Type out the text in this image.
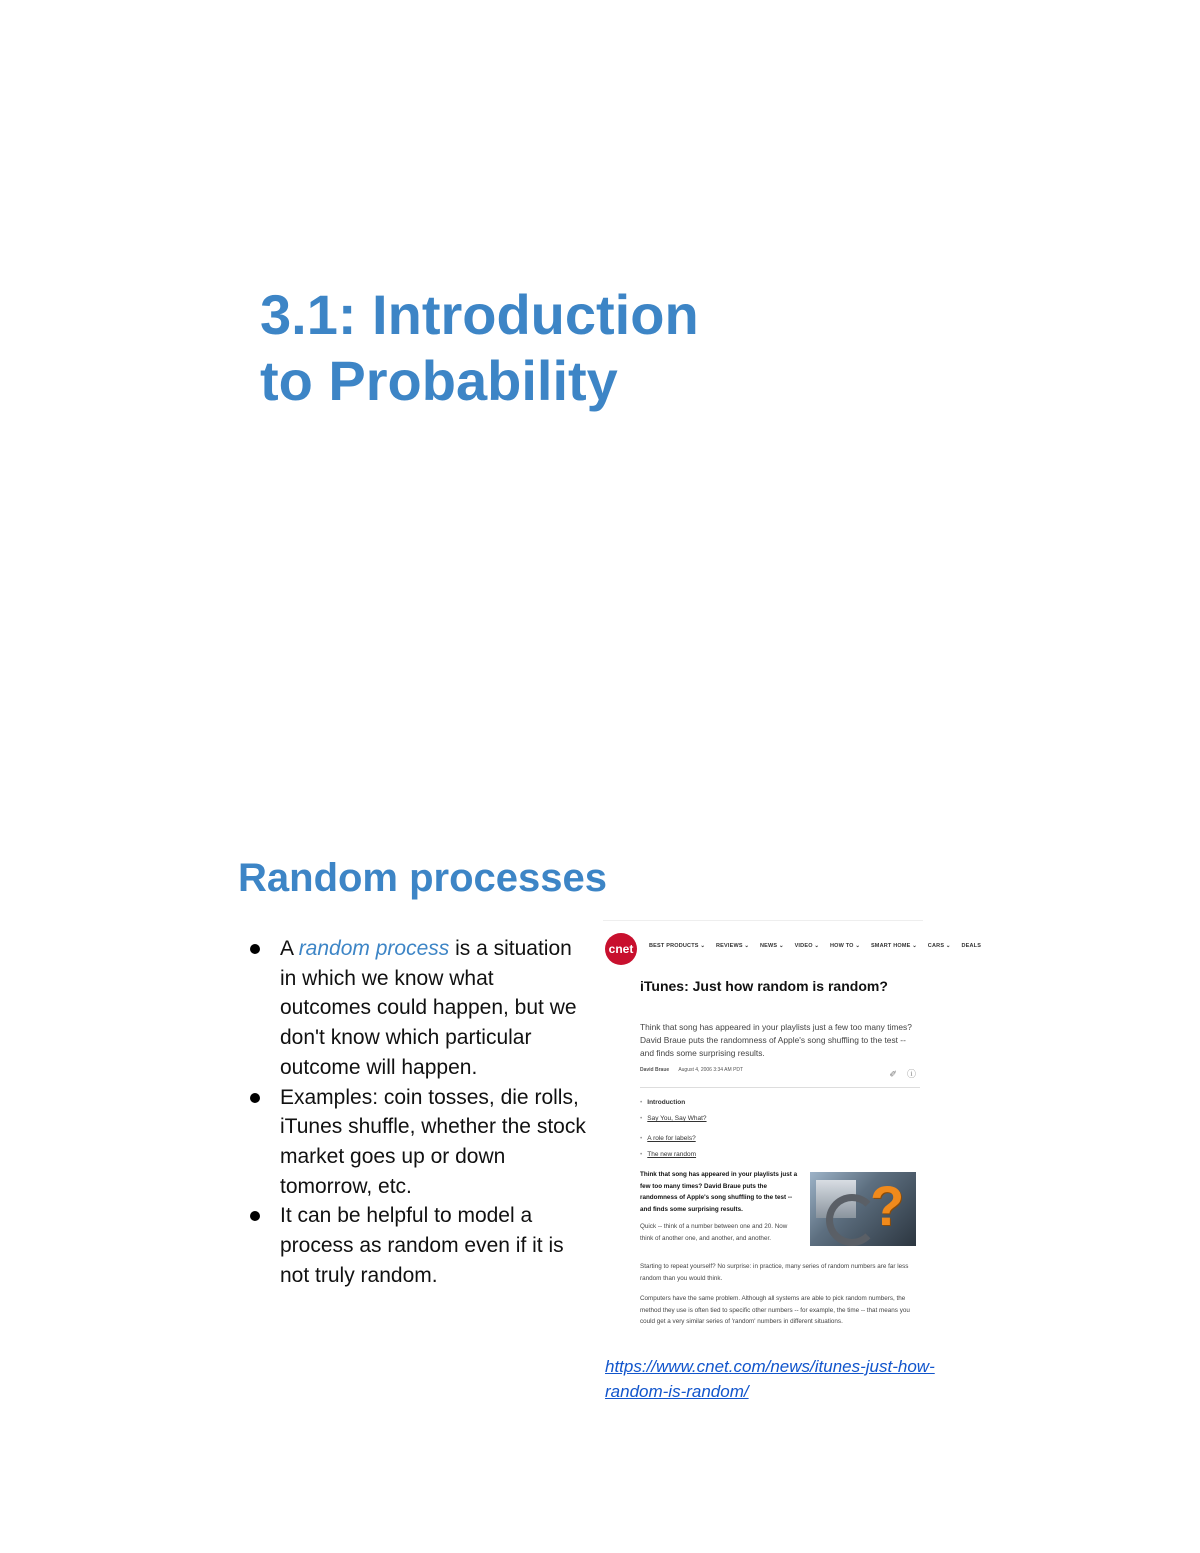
3.1: Introduction
to Probability
Random processes
A random process is a situation in which we know what outcomes could happen, but we don't know which particular outcome will happen.
Examples: coin tosses, die rolls, iTunes shuffle, whether the stock market goes up or down tomorrow, etc.
It can be helpful to model a process as random even if it is not truly random.
cnet	BEST PRODUCTS ⌄ REVIEWS ⌄ NEWS ⌄ VIDEO ⌄ HOW TO ⌄ SMART HOME ⌄ CARS ⌄ DEALS
iTunes: Just how random is random?
Think that song has appeared in your playlists just a few too many times? David Braue puts the randomness of Apple's song shuffling to the test -- and finds some surprising results.
David Braue August 4, 2006 3:34 AM PDT	✐ ⓘ
• Introduction
• Say You, Say What?
• A role for labels?
• The new random
Think that song has appeared in your playlists just a few too many times? David Braue puts the randomness of Apple's song shuffling to the test -- and finds some surprising results.	?
Quick -- think of a number between one and 20. Now think of another one, and another, and another.
Starting to repeat yourself? No surprise: in practice, many series of random numbers are far less random than you would think.
Computers have the same problem. Although all systems are able to pick random numbers, the method they use is often tied to specific other numbers -- for example, the time -- that means you could get a very similar series of 'random' numbers in different situations.
https://www.cnet.com/news/itunes-just-how-random-is-random/
